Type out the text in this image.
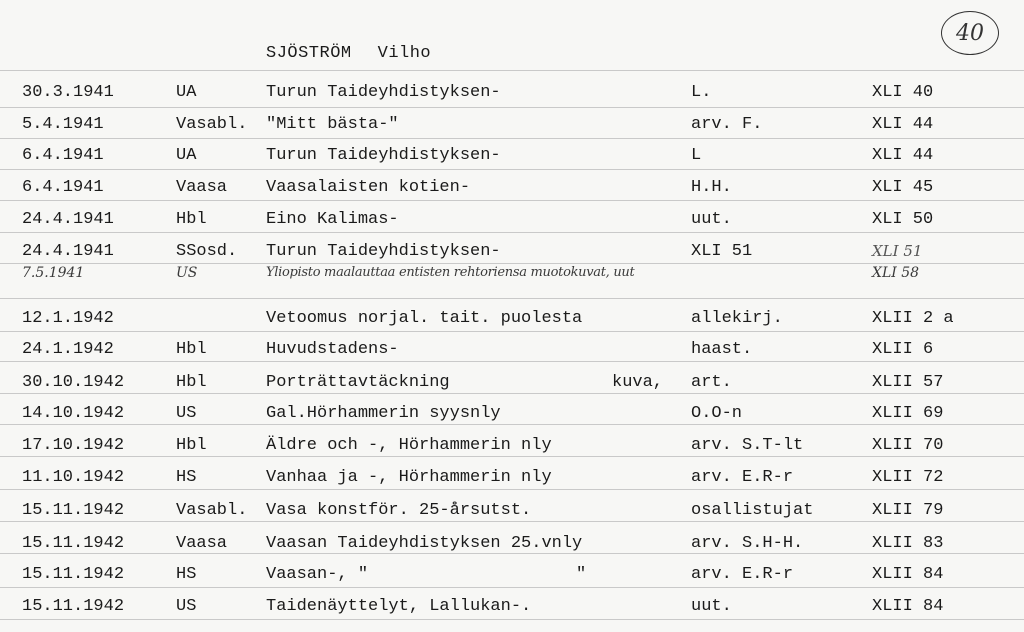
SJÖSTRÖM Vilho
40
30.3.1941	UA	Turun Taideyhdistyksen-	L.	XLI 40
5.4.1941	Vasabl. "Mitt bästa-"	arv. F.	XLI 44
6.4.1941	UA	Turun Taideyhdistyksen-	L	XLI 44
6.4.1941	Vaasa Vaasalaisten kotien-	H.H.	XLI 45
24.4.1941	Hbl	Eino Kalimas-	uut.	XLI 50
24.4.1941	SSosd. Turun Taideyhdistyksen-	XLI 51	XLI 51
7.5.1941	US	Yliopisto maalauttaa entisten rehtoriensa muotokuvat, uut	XLI 58
12.1.1942	Vetoomus norjal. tait. puolesta	allekirj.	XLII 2 a
24.1.1942	Hbl	Huvudstadens-	haast.	XLII 6
30.10.1942	Hbl	Porträttavtäckning	kuva, art.	XLII 57
14.10.1942	US	Gal.Hörhammerin syysnly	O.O-n	XLII 69
17.10.1942	Hbl	Äldre och -, Hörhammerin nly	arv. S.T-lt	XLII 70
11.10.1942	HS	Vanhaa ja -, Hörhammerin nly	arv. E.R-r	XLII 72
15.11.1942	Vasabl. Vasa konstför. 25-årsutst.	osallistujat	XLII 79
15.11.1942	Vaasa Vaasan Taideyhdistyksen 25.vnly	arv. S.H-H.	XLII 83
15.11.1942	HS	Vaasan-, "	"	arv. E.R-r	XLII 84
15.11.1942	US	Taidenäyttelyt, Lallukan-.	uut.	XLII 84
